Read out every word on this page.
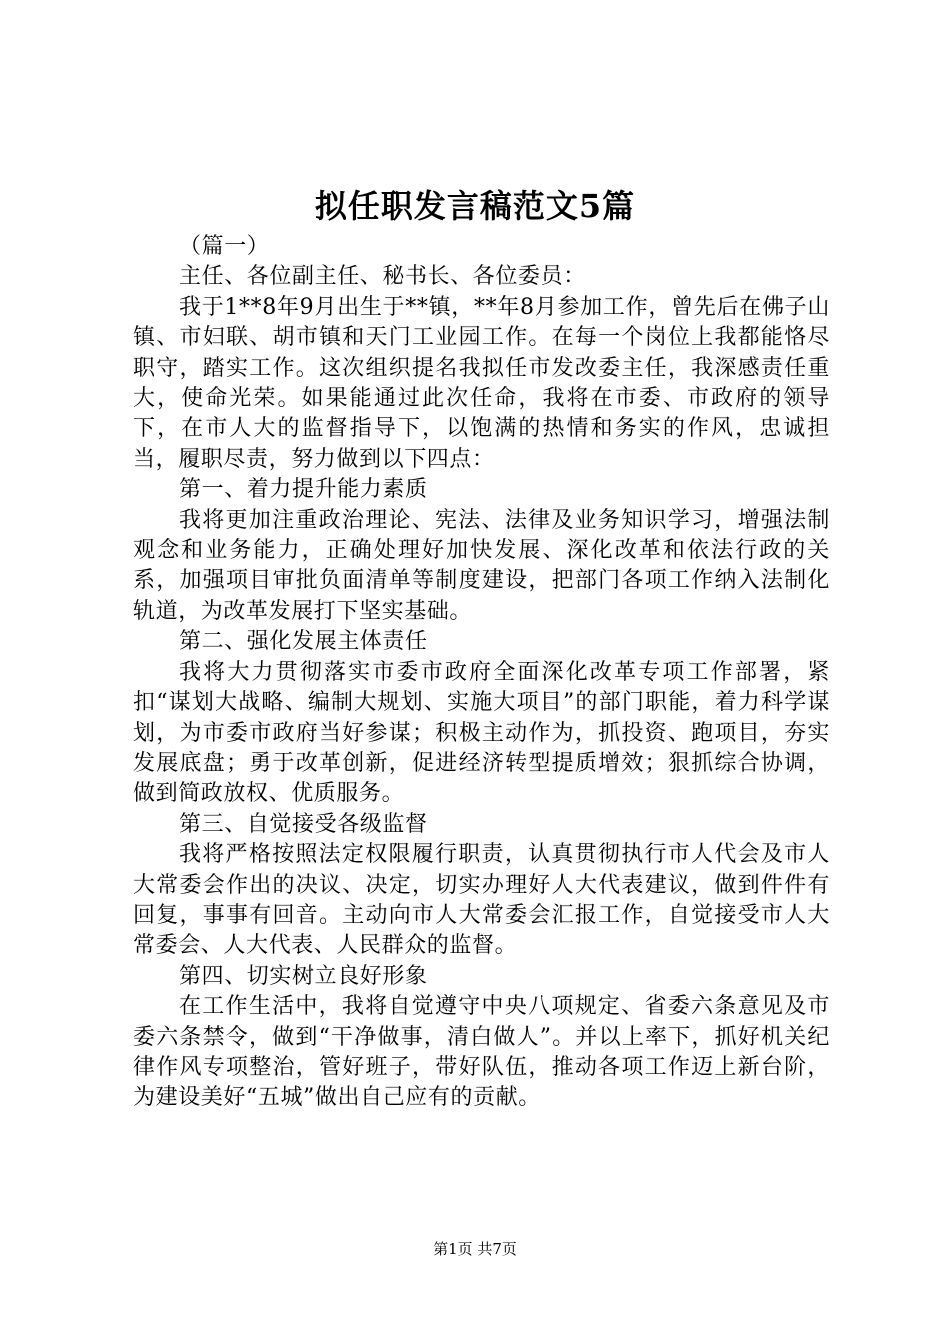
拟任职发言稿范文5篇

（篇一）

主任、各位副主任、秘书长、各位委员：

我于1**8年9月出生于**镇，**年8月参加工作，曾先后在佛子山镇、市妇联、胡市镇和天门工业园工作。在每一个岗位上我都能恪尽职守，踏实工作。这次组织提名我拟任市发改委主任，我深感责任重大，使命光荣。如果能通过此次任命，我将在市委、市政府的领导下，在市人大的监督指导下，以饱满的热情和务实的作风，忠诚担当，履职尽责，努力做到以下四点：

第一、着力提升能力素质

我将更加注重政治理论、宪法、法律及业务知识学习，增强法制观念和业务能力，正确处理好加快发展、深化改革和依法行政的关系，加强项目审批负面清单等制度建设，把部门各项工作纳入法制化轨道，为改革发展打下坚实基础。

第二、强化发展主体责任

我将大力贯彻落实市委市政府全面深化改革专项工作部署，紧扣“谋划大战略、编制大规划、实施大项目”的部门职能，着力科学谋划，为市委市政府当好参谋；积极主动作为，抓投资、跑项目，夯实发展底盘；勇于改革创新，促进经济转型提质增效；狠抓综合协调，做到简政放权、优质服务。

第三、自觉接受各级监督

我将严格按照法定权限履行职责，认真贯彻执行市人代会及市人大常委会作出的决议、决定，切实办理好人大代表建议，做到件件有回复，事事有回音。主动向市人大常委会汇报工作，自觉接受市人大常委会、人大代表、人民群众的监督。

第四、切实树立良好形象

在工作生活中，我将自觉遵守中央八项规定、省委六条意见及市委六条禁令，做到“干净做事，清白做人”。并以上率下，抓好机关纪律作风专项整治，管好班子，带好队伍，推动各项工作迈上新台阶，为建设美好“五城”做出自己应有的贡献。

第1页 共7页
